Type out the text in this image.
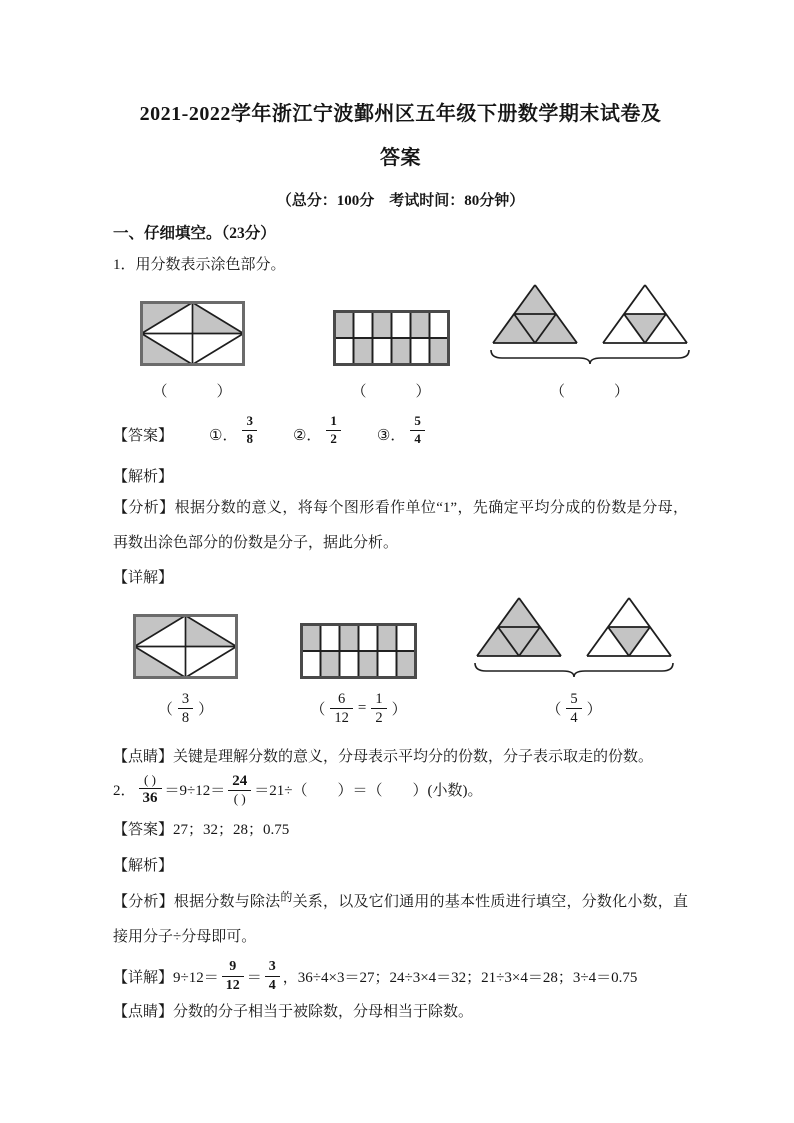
2021-2022学年浙江宁波鄞州区五年级下册数学期末试卷及
答案
（总分：100分　考试时间：80分钟）
一、仔细填空。（23分）
1．用分数表示涂色部分。
（　　　）	（　　　）	（　　　）
【答案】 ①． $\frac{3}{8}$ ②． $\frac{1}{2}$ ③． $\frac{5}{4}$
【解析】
【分析】根据分数的意义，将每个图形看作单位“1”，先确定平均分成的份数是分母，再数出涂色部分的份数是分子，据此分析。
【详解】
（ $\frac{3}{8}$ ）	（ $\frac{6}{12} = \frac{1}{2}$ ）	（ $\frac{5}{4}$ ）
【点睛】关键是理解分数的意义，分母表示平均分的份数，分子表示取走的份数。
2． $\frac{( )}{36} =9\div 12= \frac{24}{( )} =21\div$（　　）＝（　　）(小数)。
【答案】27；32；28；0.75
【解析】
【分析】根据分数与除法$^的$关系，以及它们通用的基本性质进行填空，分数化小数，直接用分子÷分母即可。
【详解】 $9\div 12= \frac{9}{12} = \frac{3}{4}$ ，36÷4×3＝27；24÷3×4＝32；21÷3×4＝28；3÷4＝0.75
【点睛】分数的分子相当于被除数，分母相当于除数。
